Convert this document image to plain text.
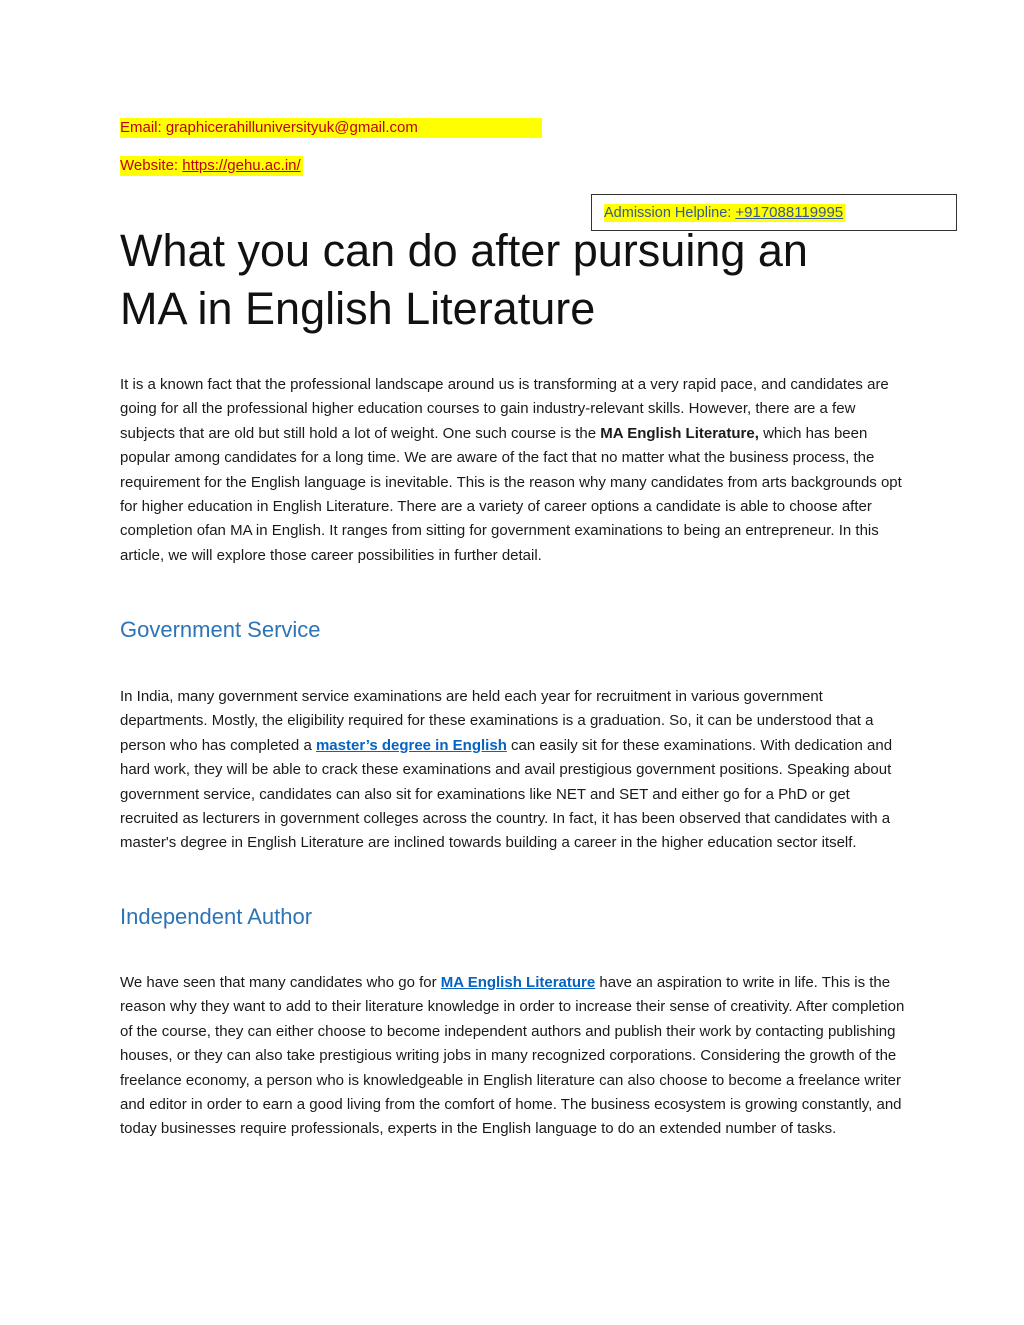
Email: graphicerahilluniversityuk@gmail.com
Website: https://gehu.ac.in/
Admission Helpline: +917088119995
What you can do after pursuing an MA in English Literature

It is a known fact that the professional landscape around us is transforming at a very rapid pace, and candidates are going for all the professional higher education courses to gain industry-relevant skills. However, there are a few subjects that are old but still hold a lot of weight. One such course is the MA English Literature, which has been popular among candidates for a long time. We are aware of the fact that no matter what the business process, the requirement for the English language is inevitable. This is the reason why many candidates from arts backgrounds opt for higher education in English Literature. There are a variety of career options a candidate is able to choose after completion ofan MA in English. It ranges from sitting for government examinations to being an entrepreneur. In this article, we will explore those career possibilities in further detail.

Government Service

In India, many government service examinations are held each year for recruitment in various government departments. Mostly, the eligibility required for these examinations is a graduation. So, it can be understood that a person who has completed a master’s degree in English can easily sit for these examinations. With dedication and hard work, they will be able to crack these examinations and avail prestigious government positions. Speaking about government service, candidates can also sit for examinations like NET and SET and either go for a PhD or get recruited as lecturers in government colleges across the country. In fact, it has been observed that candidates with a master's degree in English Literature are inclined towards building a career in the higher education sector itself.

Independent Author

We have seen that many candidates who go for MA English Literature have an aspiration to write in life. This is the reason why they want to add to their literature knowledge in order to increase their sense of creativity. After completion of the course, they can either choose to become independent authors and publish their work by contacting publishing houses, or they can also take prestigious writing jobs in many recognized corporations. Considering the growth of the freelance economy, a person who is knowledgeable in English literature can also choose to become a freelance writer and editor in order to earn a good living from the comfort of home. The business ecosystem is growing constantly, and today businesses require professionals, experts in the English language to do an extended number of tasks.
